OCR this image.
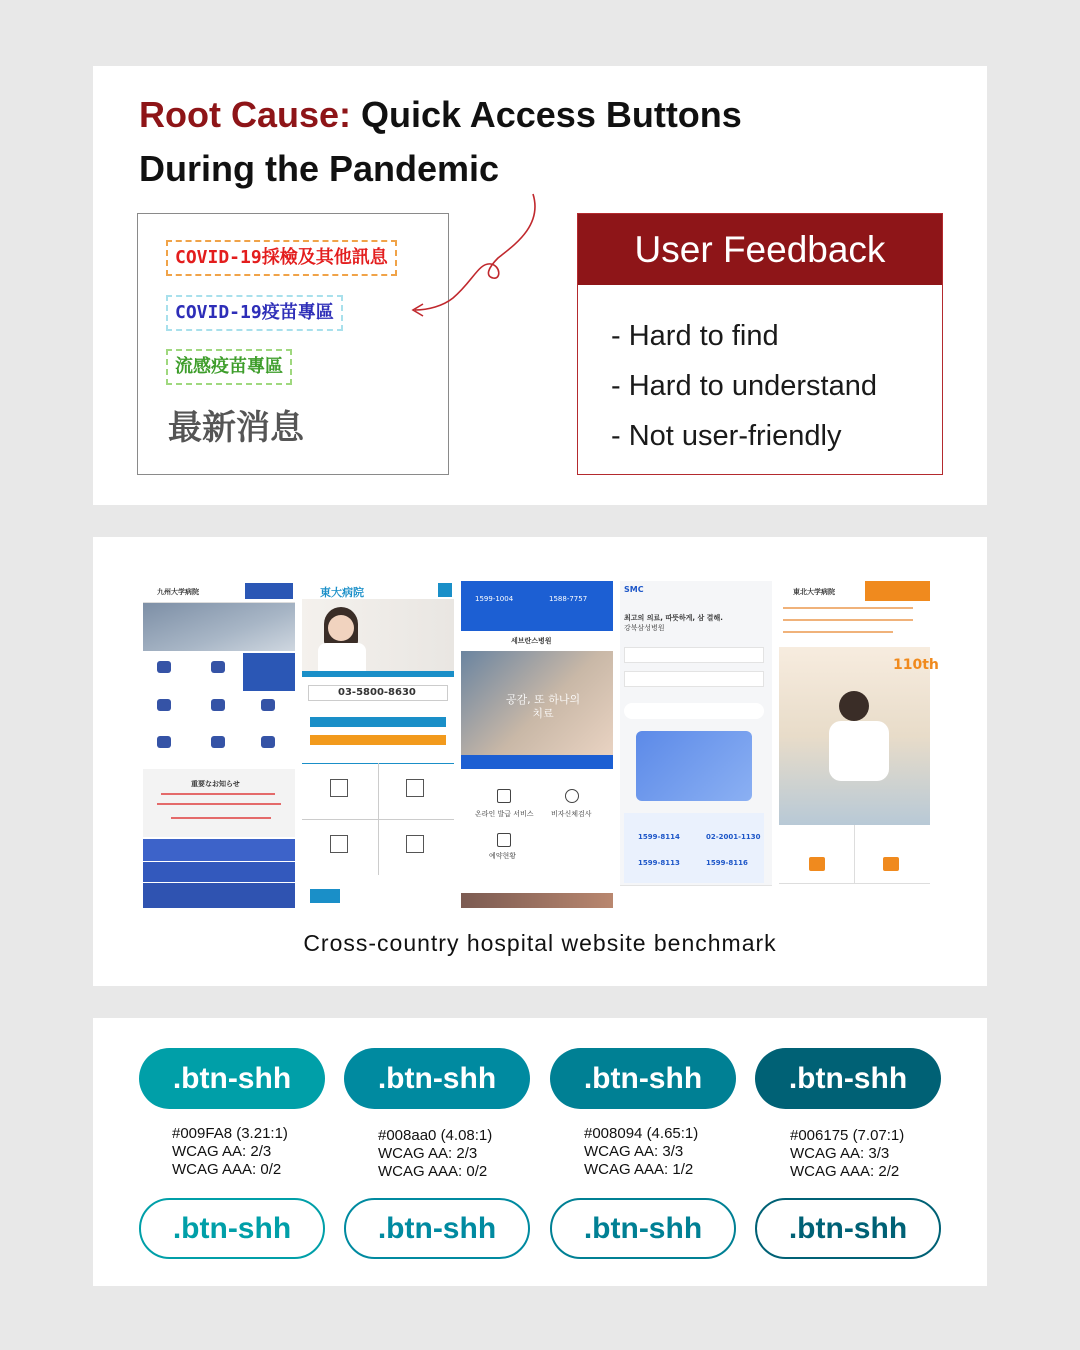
Root Cause: Quick Access Buttons
During the Pandemic
COVID-19採檢及其他訊息
COVID-19疫苗專區
流感疫苗專區
最新消息
User Feedback
- Hard to find
- Hard to understand
- Not user-friendly
九州大学病院
重要なお知らせ
東大病院
03-5800-8630
1599-1004	1588-7757
세브란스병원
공감, 또 하나의 치료
온라인 발급 서비스 비자신체검사
예약현황
SMC
최고의 의료, 따뜻하게, 삼 결해.
강북삼성병원
1599-8114	02-2001-1130
1599-8113	1599-8116
東北大学病院
110th
Cross-country hospital website benchmark
.btn-shh	.btn-shh	.btn-shh	.btn-shh
#009FA8 (3.21:1)
WCAG AA: 2/3
WCAG AAA: 0/2
#008aa0 (4.08:1)
WCAG AA: 2/3
WCAG AAA: 0/2
#008094 (4.65:1)
WCAG AA: 3/3
WCAG AAA: 1/2
#006175 (7.07:1)
WCAG AA: 3/3
WCAG AAA: 2/2
.btn-shh	.btn-shh	.btn-shh	.btn-shh
